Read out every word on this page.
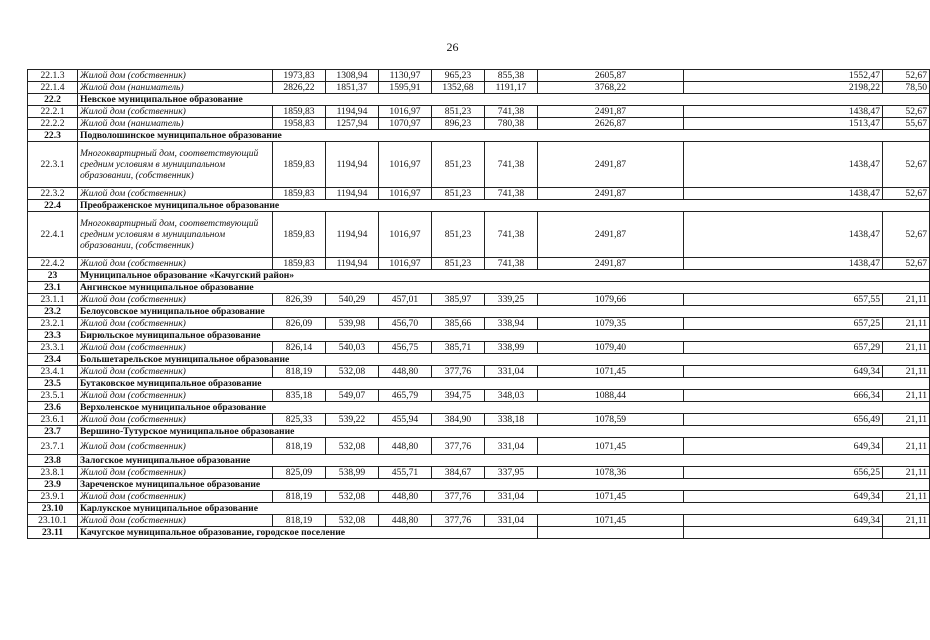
26
22.1.3	Жилой дом (собственник)	1973,83	1308,94	1130,97	965,23	855,38	2605,87	1552,47	52,67
22.1.4	Жилой дом (наниматель)	2826,22	1851,37	1595,91	1352,68	1191,17	3768,22	2198,22	78,50
22.2	Невское муниципальное образование								
22.2.1	Жилой дом (собственник)	1859,83	1194,94	1016,97	851,23	741,38	2491,87	1438,47	52,67
22.2.2	Жилой дом (наниматель)	1958,83	1257,94	1070,97	896,23	780,38	2626,87	1513,47	55,67
22.3	Подволошинское муниципальное образование								
22.3.1	Многоквартирный дом, соответствующий средним условиям в муниципальном образовании, (собственник)	1859,83	1194,94	1016,97	851,23	741,38	2491,87	1438,47	52,67
22.3.2	Жилой дом (собственник)	1859,83	1194,94	1016,97	851,23	741,38	2491,87	1438,47	52,67
22.4	Преображенское муниципальное образование								
22.4.1	Многоквартирный дом, соответствующий средним условиям в муниципальном образовании, (собственник)	1859,83	1194,94	1016,97	851,23	741,38	2491,87	1438,47	52,67
22.4.2	Жилой дом (собственник)	1859,83	1194,94	1016,97	851,23	741,38	2491,87	1438,47	52,67
23	Муниципальное образование «Качугский район»								
23.1	Ангинское муниципальное образование								
23.1.1	Жилой дом (собственник)	826,39	540,29	457,01	385,97	339,25	1079,66	657,55	21,11
23.2	Белоусовское муниципальное образование								
23.2.1	Жилой дом (собственник)	826,09	539,98	456,70	385,66	338,94	1079,35	657,25	21,11
23.3	Бирюльское муниципальное образование								
23.3.1	Жилой дом (собственник)	826,14	540,03	456,75	385,71	338,99	1079,40	657,29	21,11
23.4	Большетарельское муниципальное образование								
23.4.1	Жилой дом (собственник)	818,19	532,08	448,80	377,76	331,04	1071,45	649,34	21,11
23.5	Бутаковское муниципальное образование								
23.5.1	Жилой дом (собственник)	835,18	549,07	465,79	394,75	348,03	1088,44	666,34	21,11
23.6	Верхоленское муниципальное образование								
23.6.1	Жилой дом (собственник)	825,33	539,22	455,94	384,90	338,18	1078,59	656,49	21,11
23.7	Вершино-Тутурское муниципальное образование								
23.7.1	Жилой дом (собственник)	818,19	532,08	448,80	377,76	331,04	1071,45	649,34	21,11
23.8	Залогское муниципальное образование								
23.8.1	Жилой дом (собственник)	825,09	538,99	455,71	384,67	337,95	1078,36	656,25	21,11
23.9	Зареченское муниципальное образование								
23.9.1	Жилой дом (собственник)	818,19	532,08	448,80	377,76	331,04	1071,45	649,34	21,11
23.10	Карлукское муниципальное образование								
23.10.1	Жилой дом (собственник)	818,19	532,08	448,80	377,76	331,04	1071,45	649,34	21,11
23.11	Качугское муниципальное образование, городское поселение								
